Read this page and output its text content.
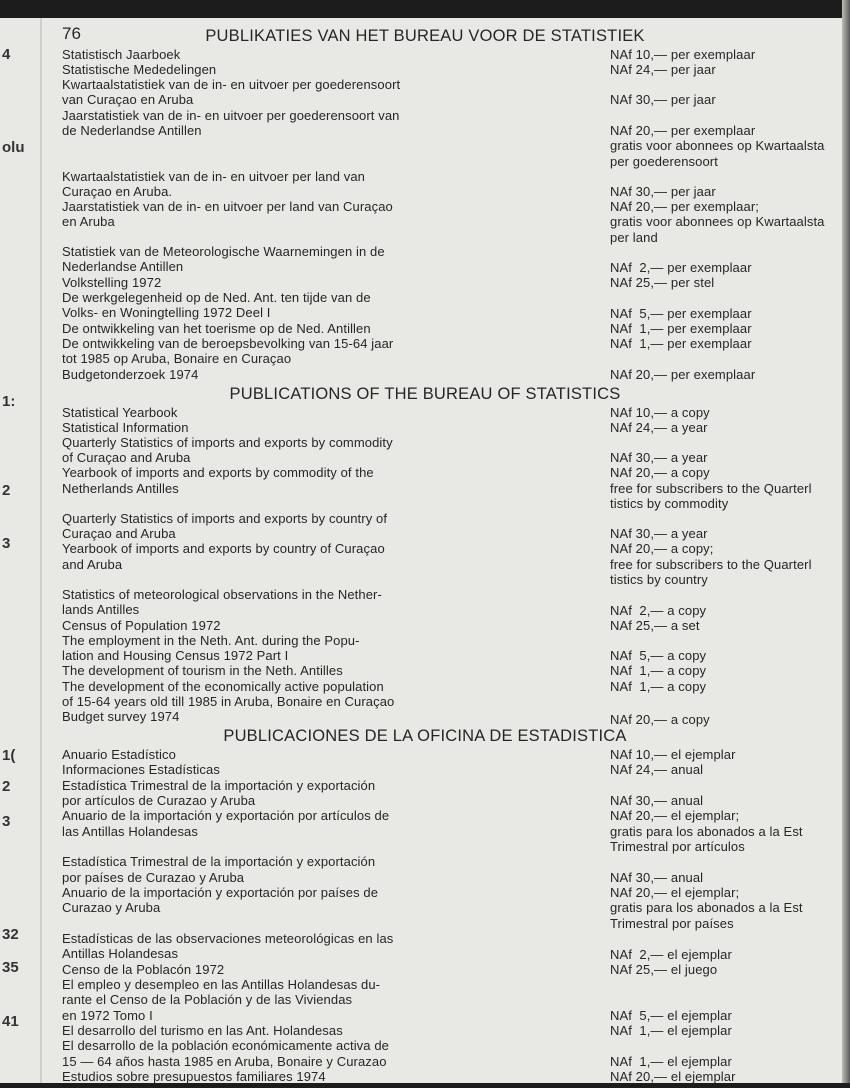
76
4
olu
1:
2
3
1(
2
3
32
35
41
PUBLIKATIES VAN HET BUREAU VOOR DE STATISTIEK
Statistisch Jaarboek
Statistische Mededelingen
Kwartaalstatistiek van de in- en uitvoer per goederensoort
van Curaçao en Aruba
Jaarstatistiek van de in- en uitvoer per goederensoort van
de Nederlandse Antillen
Kwartaalstatistiek van de in- en uitvoer per land van
Curaçao en Aruba.
Jaarstatistiek van de in- en uitvoer per land van Curaçao
en Aruba
Statistiek van de Meteorologische Waarnemingen in de
Nederlandse Antillen
Volkstelling 1972
De werkgelegenheid op de Ned. Ant. ten tijde van de
Volks- en Woningtelling 1972 Deel I
De ontwikkeling van het toerisme op de Ned. Antillen
De ontwikkeling van de beroepsbevolking van 15-64 jaar
tot 1985 op Aruba, Bonaire en Curaçao
Budgetonderzoek 1974
NAf 10,— per exemplaar
NAf 24,— per jaar
NAf 30,— per jaar
NAf 20,— per exemplaar
gratis voor abonnees op Kwartaalsta
per goederensoort
NAf 30,— per jaar
NAf 20,— per exemplaar;
gratis voor abonnees op Kwartaalsta
per land
NAf  2,— per exemplaar
NAf 25,— per stel
NAf  5,— per exemplaar
NAf  1,— per exemplaar
NAf  1,— per exemplaar
NAf 20,— per exemplaar
PUBLICATIONS OF THE BUREAU OF STATISTICS
Statistical Yearbook
Statistical Information
Quarterly Statistics of imports and exports by commodity
of Curaçao and Aruba
Yearbook of imports and exports by commodity of the
Netherlands Antilles
Quarterly Statistics of imports and exports by country of
Curaçao and Aruba
Yearbook of imports and exports by country of Curaçao
and Aruba
Statistics of meteorological observations in the Nether-
lands Antilles
Census of Population 1972
The employment in the Neth. Ant. during the Popu-
lation and Housing Census 1972 Part I
The development of tourism in the Neth. Antilles
The development of the economically active population
of 15-64 years old till 1985 in Aruba, Bonaire en Curaçao
Budget survey 1974
NAf 10,— a copy
NAf 24,— a year
NAf 30,— a year
NAf 20,— a copy
free for subscribers to the Quarterl
tistics by commodity
NAf 30,— a year
NAf 20,— a copy;
free for subscribers to the Quarterl
tistics by country
NAf  2,— a copy
NAf 25,— a set
NAf  5,— a copy
NAf  1,— a copy
NAf  1,— a copy
NAf 20,— a copy
PUBLICACIONES DE LA OFICINA DE ESTADISTICA
Anuario Estadístico
Informaciones Estadísticas
Estadística Trimestral de la importación y exportación
por artículos de Curazao y Aruba
Anuario de la importación y exportación por artículos de
las Antillas Holandesas
Estadística Trimestral de la importación y exportación
por países de Curazao y Aruba
Anuario de la importación y exportación por países de
Curazao y Aruba
Estadísticas de las observaciones meteorológicas en las
Antillas Holandesas
Censo de la Poblacón 1972
El empleo y desempleo en las Antillas Holandesas du-
rante el Censo de la Población y de las Viviendas
en 1972 Tomo I
El desarrollo del turismo en las Ant. Holandesas
El desarrollo de la población económicamente activa de
15 — 64 años hasta 1985 en Aruba, Bonaire y Curazao
Estudios sobre presupuestos familiares 1974
NAf 10,— el ejemplar
NAf 24,— anual
NAf 30,— anual
NAf 20,— el ejemplar;
gratis para los abonados a la Est
Trimestral por artículos
NAf 30,— anual
NAf 20,— el ejemplar;
gratis para los abonados a la Est
Trimestral por países
NAf  2,— el ejemplar
NAf 25,— el juego
NAf  5,— el ejemplar
NAf  1,— el ejemplar
NAf  1,— el ejemplar
NAf 20,— el ejemplar
